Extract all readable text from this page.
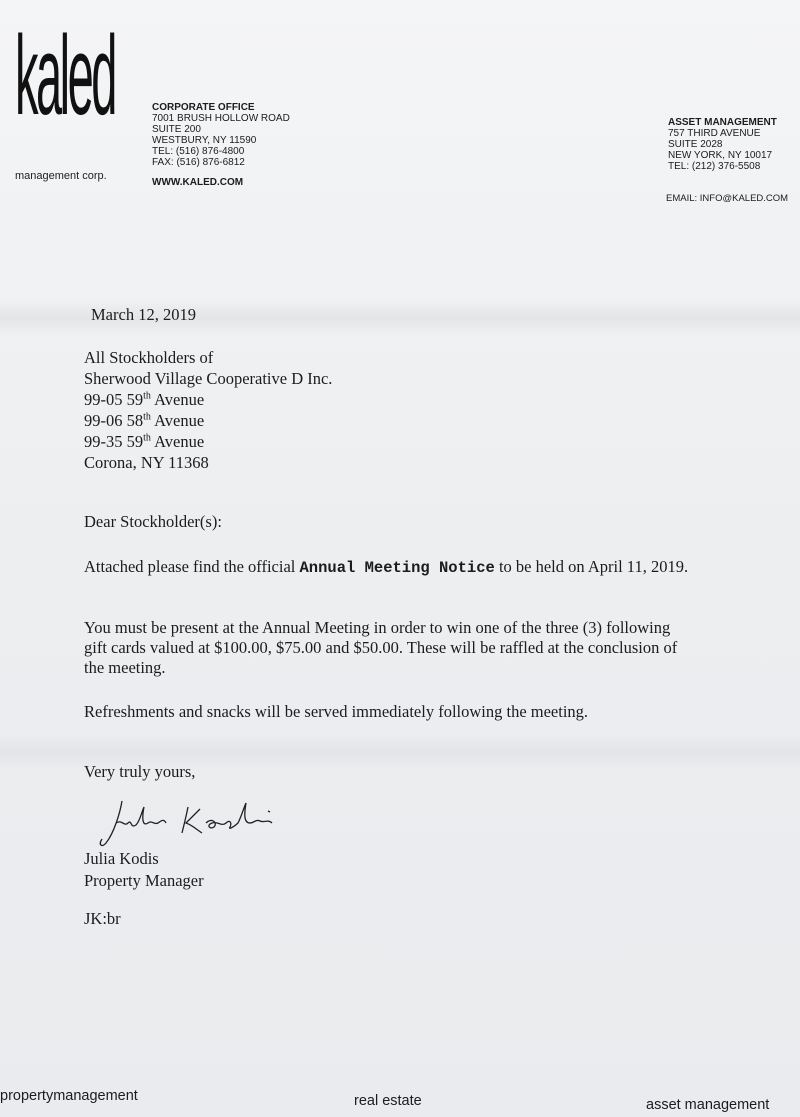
kaled
management corp.
CORPORATE OFFICE
7001 BRUSH HOLLOW ROAD
SUITE 200
WESTBURY, NY 11590
TEL: (516) 876-4800
FAX: (516) 876-6812
WWW.KALED.COM
ASSET MANAGEMENT
757 THIRD AVENUE
SUITE 2028
NEW YORK, NY 10017
TEL: (212) 376-5508
EMAIL: INFO@KALED.COM
March 12, 2019
All Stockholders of
Sherwood Village Cooperative D Inc.
99-05 59th Avenue
99-06 58th Avenue
99-35 59th Avenue
Corona, NY 11368
Dear Stockholder(s):

Attached please find the official Annual Meeting Notice to be held on April 11, 2019.

You must be present at the Annual Meeting in order to win one of the three (3) following gift cards valued at $100.00, $75.00 and $50.00. These will be raffled at the conclusion of the meeting.

Refreshments and snacks will be served immediately following the meeting.

Very truly yours,
Julia Kodis
Property Manager
JK:br
propertymanagement	real estate	asset management
